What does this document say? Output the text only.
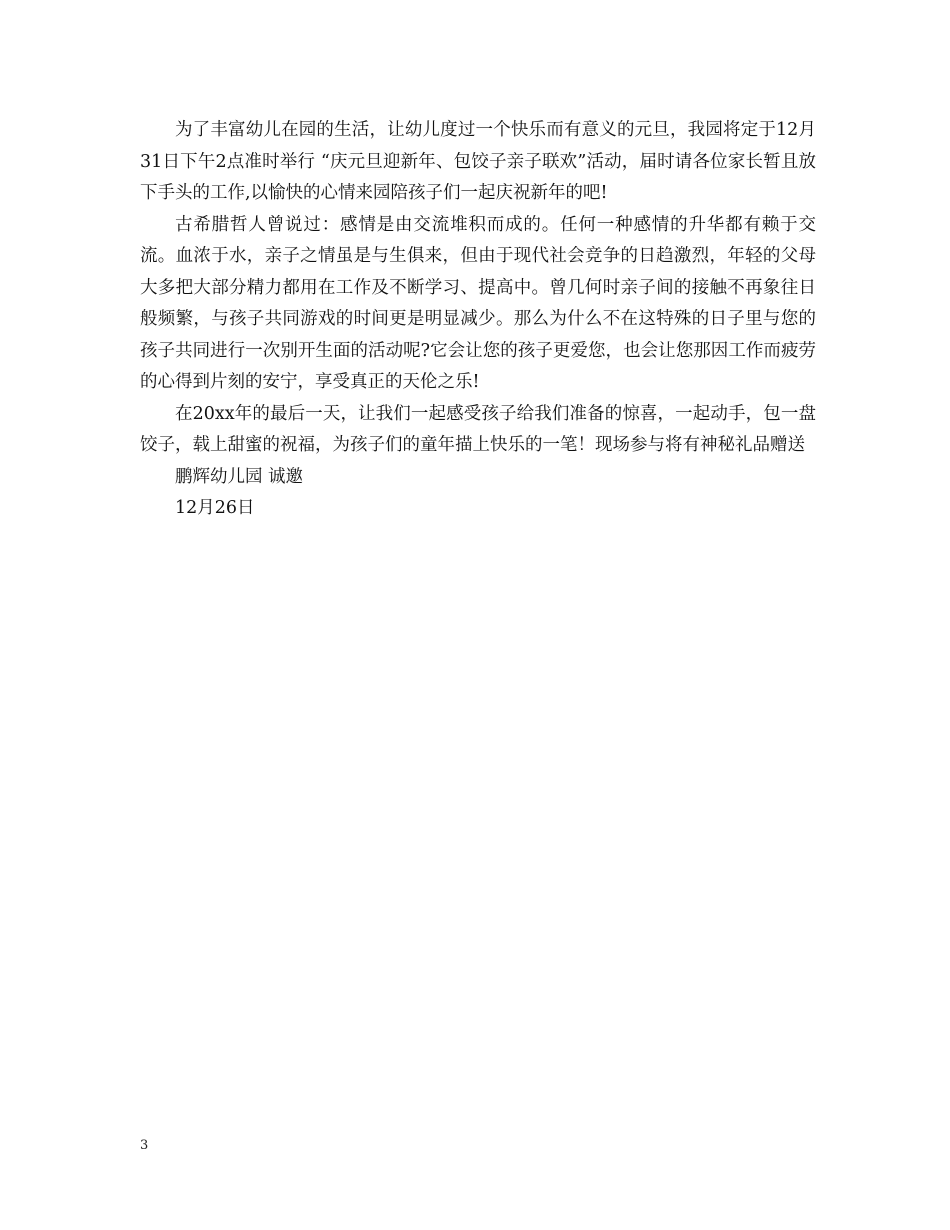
为了丰富幼儿在园的生活，让幼儿度过一个快乐而有意义的元旦，我园将定于12月31日下午2点准时举行 “庆元旦迎新年、包饺子亲子联欢”活动，届时请各位家长暂且放下手头的工作,以愉快的心情来园陪孩子们一起庆祝新年的吧!

古希腊哲人曾说过：感情是由交流堆积而成的。任何一种感情的升华都有赖于交流。血浓于水，亲子之情虽是与生俱来，但由于现代社会竞争的日趋激烈，年轻的父母大多把大部分精力都用在工作及不断学习、提高中。曾几何时亲子间的接触不再象往日般频繁，与孩子共同游戏的时间更是明显减少。那么为什么不在这特殊的日子里与您的孩子共同进行一次别开生面的活动呢?它会让您的孩子更爱您，也会让您那因工作而疲劳的心得到片刻的安宁，享受真正的天伦之乐!

在20xx年的最后一天，让我们一起感受孩子给我们准备的惊喜，一起动手，包一盘饺子，载上甜蜜的祝福，为孩子们的童年描上快乐的一笔！现场参与将有神秘礼品赠送

鹏辉幼儿园 诚邀

12月26日

3
